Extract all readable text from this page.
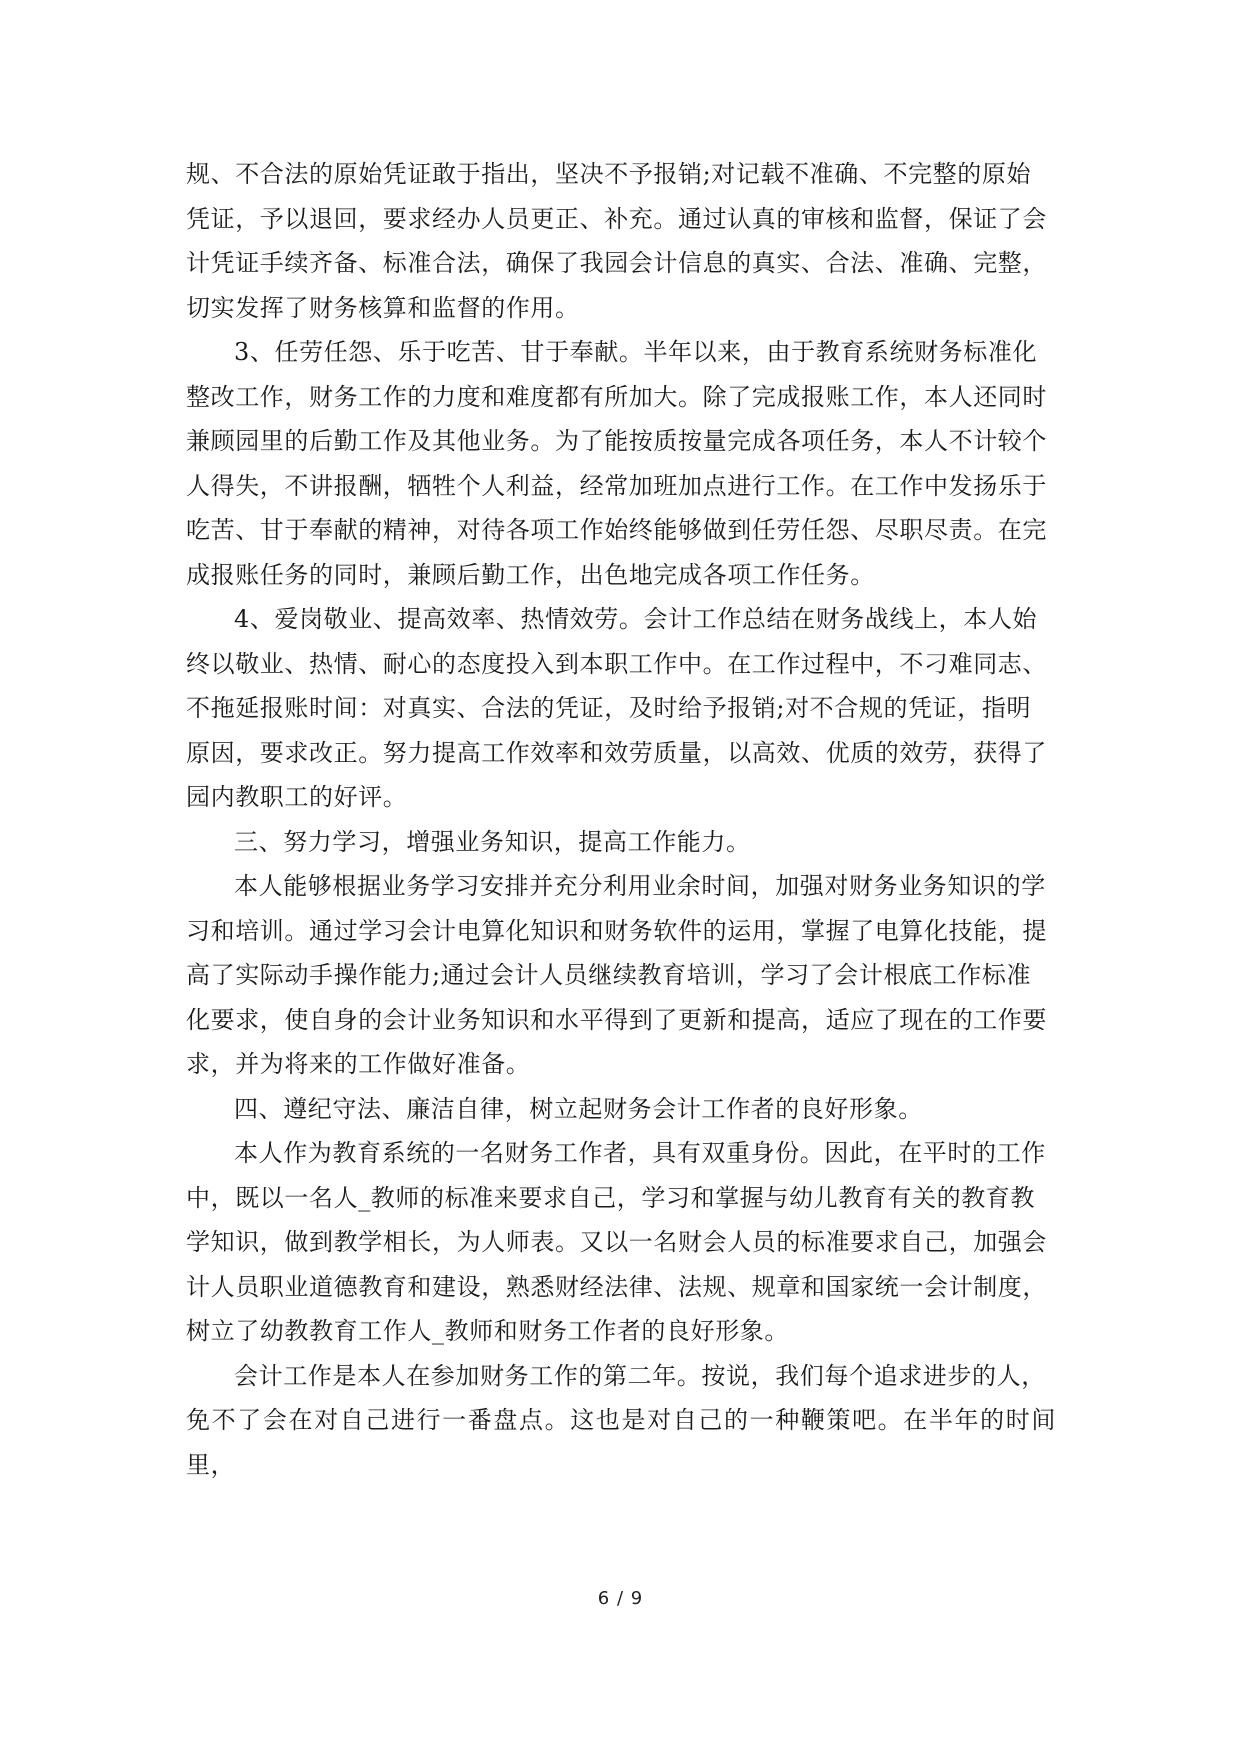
规、不合法的原始凭证敢于指出，坚决不予报销;对记载不准确、不完整的原始
凭证，予以退回，要求经办人员更正、补充。通过认真的审核和监督，保证了会
计凭证手续齐备、标准合法，确保了我园会计信息的真实、合法、准确、完整，
切实发挥了财务核算和监督的作用。

3、任劳任怨、乐于吃苦、甘于奉献。半年以来，由于教育系统财务标准化
整改工作，财务工作的力度和难度都有所加大。除了完成报账工作，本人还同时
兼顾园里的后勤工作及其他业务。为了能按质按量完成各项任务，本人不计较个
人得失，不讲报酬，牺牲个人利益，经常加班加点进行工作。在工作中发扬乐于
吃苦、甘于奉献的精神，对待各项工作始终能够做到任劳任怨、尽职尽责。在完
成报账任务的同时，兼顾后勤工作，出色地完成各项工作任务。

4、爱岗敬业、提高效率、热情效劳。会计工作总结在财务战线上，本人始
终以敬业、热情、耐心的态度投入到本职工作中。在工作过程中，不刁难同志、
不拖延报账时间：对真实、合法的凭证，及时给予报销;对不合规的凭证，指明
原因，要求改正。努力提高工作效率和效劳质量，以高效、优质的效劳，获得了
园内教职工的好评。

三、努力学习，增强业务知识，提高工作能力。

本人能够根据业务学习安排并充分利用业余时间，加强对财务业务知识的学
习和培训。通过学习会计电算化知识和财务软件的运用，掌握了电算化技能，提
高了实际动手操作能力;通过会计人员继续教育培训，学习了会计根底工作标准
化要求，使自身的会计业务知识和水平得到了更新和提高，适应了现在的工作要
求，并为将来的工作做好准备。

四、遵纪守法、廉洁自律，树立起财务会计工作者的良好形象。

本人作为教育系统的一名财务工作者，具有双重身份。因此，在平时的工作
中，既以一名人_教师的标准来要求自己，学习和掌握与幼儿教育有关的教育教
学知识，做到教学相长，为人师表。又以一名财会人员的标准要求自己，加强会
计人员职业道德教育和建设，熟悉财经法律、法规、规章和国家统一会计制度，
树立了幼教教育工作人_教师和财务工作者的良好形象。

会计工作是本人在参加财务工作的第二年。按说，我们每个追求进步的人，
免不了会在对自己进行一番盘点。这也是对自己的一种鞭策吧。在半年的时间里，

6 / 9
